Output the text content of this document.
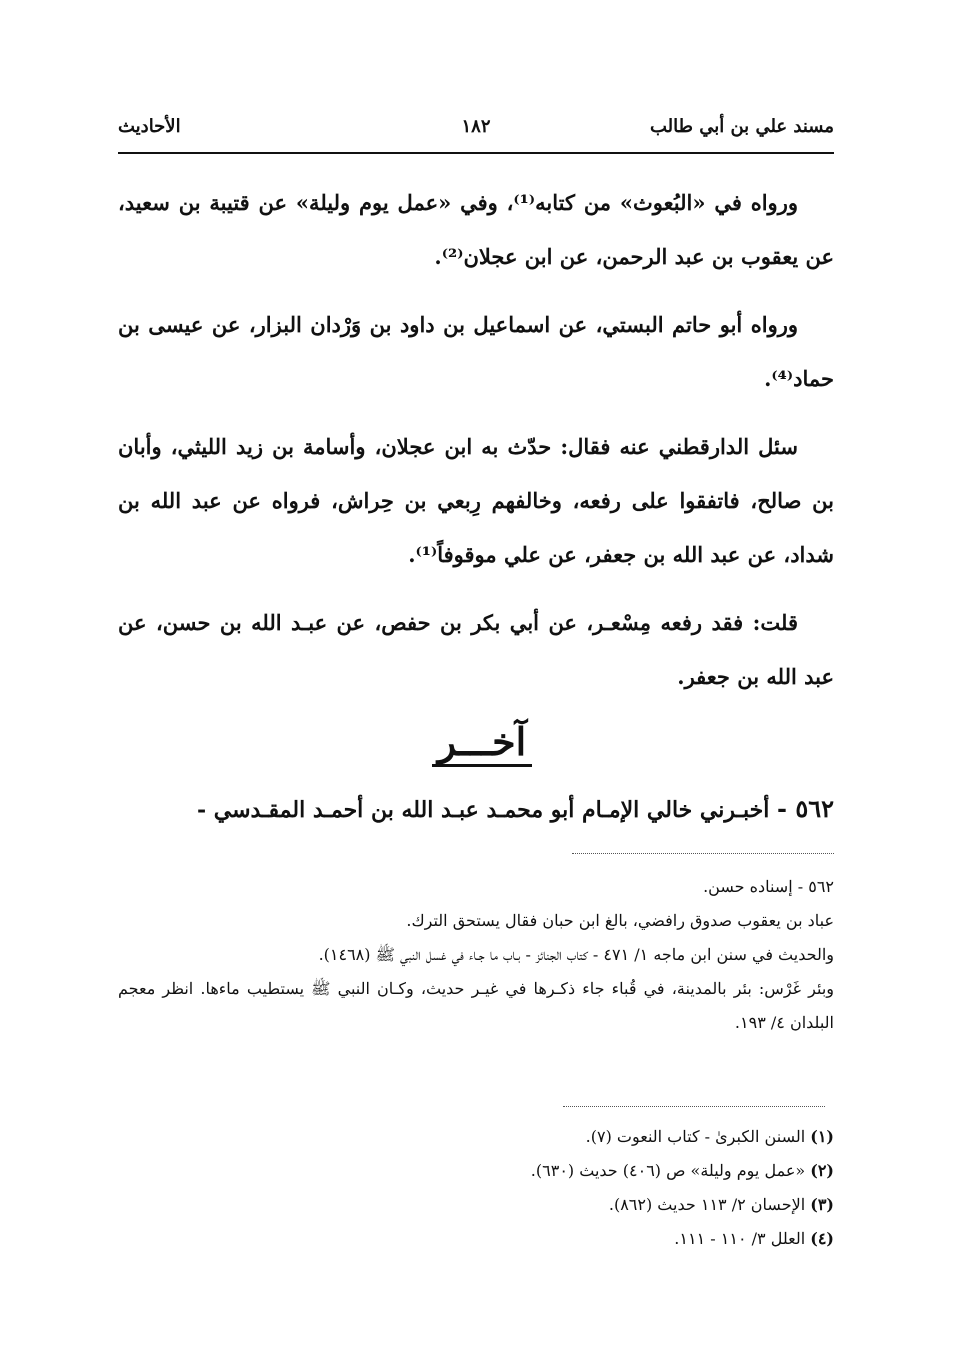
مسند علي بن أبي طالب
١٨٢
الأحاديث

ورواه في «البُعوث» من كتابه⁽¹⁾، وفي «عمل يوم وليلة» عن قتيبة بن سعيد، عن يعقوب بن عبد الرحمن، عن ابن عجلان⁽²⁾.

ورواه أبو حاتم البستي، عن اسماعيل بن داود بن وَرْدان البزار، عن عيسى بن حماد⁽⁴⁾.

سئل الدارقطني عنه فقال: حدّث به ابن عجلان، وأسامة بن زيد الليثي، وأبان بن صالح، فاتفقوا على رفعه، وخالفهم رِبعي بن حِراش، فرواه عن عبد الله بن شداد، عن عبد الله بن جعفر، عن علي موقوفاً⁽¹⁾.

قلت: فقد رفعه مِسْعـر، عن أبي بكر بن حفص، عن عبـد الله بن حسن، عن عبد الله بن جعفر.

آخـــر
٥٦٢ - أخبـرني خالي الإمـام أبو محمـد عبـد الله بن أحمـد المقـدسي -

٥٦٢ - إسناده حسن.

عباد بن يعقوب صدوق رافضي، بالغ ابن حبان فقال يستحق الترك.

والحديث في سنن ابن ماجه ١/ ٤٧١ - كتاب الجنائز - بـاب ما جـاء في غسل النبي ﷺ (١٤٦٨).

وبئر غَرْس: بئر بالمدينة، في قُباء جاء ذكـرها في غيـر حديث، وكـان النبي ﷺ يستطيب ماءها. انظر معجم البلدان ٤/ ١٩٣.

(١) السنن الكبرىٰ - كتاب النعوت (٧).

(٢) «عمل يوم وليلة» ص (٤٠٦) حديث (٦٣٠).

(٣) الإحسان ٢/ ١١٣ حديث (٨٦٢).

(٤) العلل ٣/ ١١٠ - ١١١.
